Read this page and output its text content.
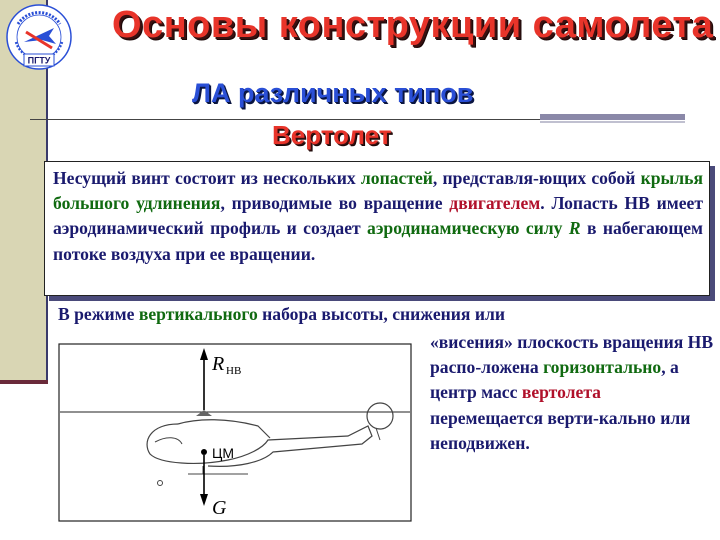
ПГТУ
Основы конструкции самолета
ЛА различных типов
Вертолет

Несущий винт состоит из нескольких лопастей, представля-ющих собой крылья большого удлинения, приводимые во вращение двигателем. Лопасть НВ имеет аэродинамический профиль и создает аэродинамическую силу R в набегающем потоке воздуха при ее вращении.

В режиме вертикального набора высоты, снижения или
«висения» плоскость вращения НВ распо-ложена горизонтально, а центр масс вертолета перемещается верти-кально или неподвижен.
R НВ
ЦМ
G
